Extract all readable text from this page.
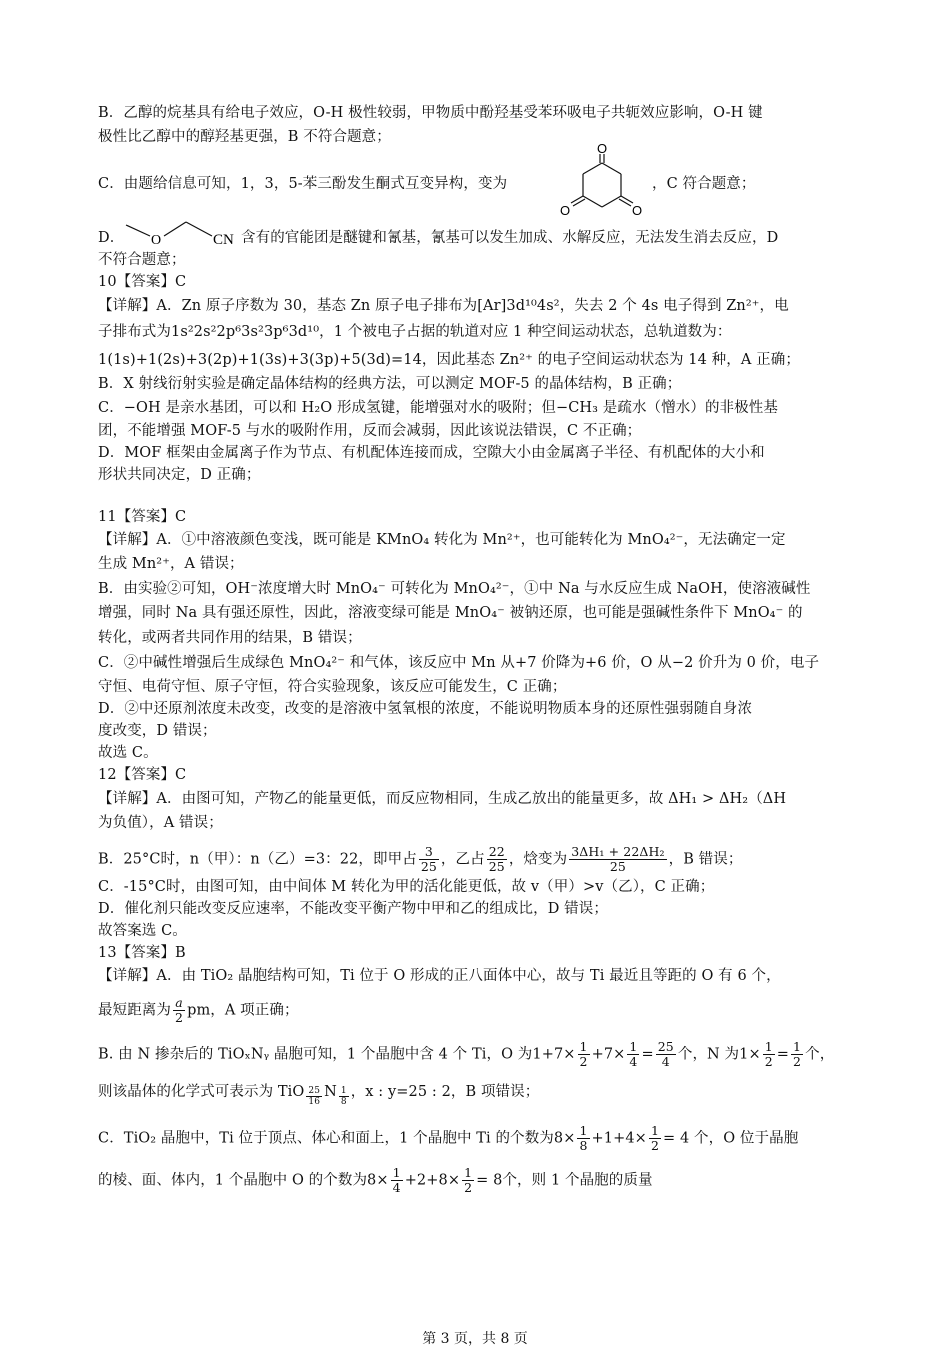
B．乙醇的烷基具有给电子效应，O-H 极性较弱，甲物质中酚羟基受苯环吸电子共轭效应影响，O-H 键
极性比乙醇中的醇羟基更强，B 不符合题意；
C．由题给信息可知，1，3，5-苯三酚发生酮式互变异构，变为	，C 符合题意；
O
O	O
D．	O	CN 含有的官能团是醚键和氰基，氰基可以发生加成、水解反应，无法发生消去反应，D
不符合题意；
10【答案】C
【详解】A．Zn 原子序数为 30，基态 Zn 原子电子排布为[Ar]3d¹⁰4s²，失去 2 个 4s 电子得到 Zn²⁺，电
子排布式为1s²2s²2p⁶3s²3p⁶3d¹⁰，1 个被电子占据的轨道对应 1 种空间运动状态，总轨道数为：
1(1s)+1(2s)+3(2p)+1(3s)+3(3p)+5(3d)=14，因此基态 Zn²⁺ 的电子空间运动状态为 14 种，A 正确；
B．X 射线衍射实验是确定晶体结构的经典方法，可以测定 MOF-5 的晶体结构，B 正确；
C．−OH 是亲水基团，可以和 H₂O 形成氢键，能增强对水的吸附；但−CH₃ 是疏水（憎水）的非极性基
团，不能增强 MOF-5 与水的吸附作用，反而会减弱，因此该说法错误，C 不正确；
D．MOF 框架由金属离子作为节点、有机配体连接而成，空隙大小由金属离子半径、有机配体的大小和
形状共同决定，D 正确；
11【答案】C
【详解】A．①中溶液颜色变浅，既可能是 KMnO₄ 转化为 Mn²⁺，也可能转化为 MnO₄²⁻，无法确定一定
生成 Mn²⁺，A 错误；
B．由实验②可知，OH⁻浓度增大时 MnO₄⁻ 可转化为 MnO₄²⁻，①中 Na 与水反应生成 NaOH，使溶液碱性
增强，同时 Na 具有强还原性，因此，溶液变绿可能是 MnO₄⁻ 被钠还原，也可能是强碱性条件下 MnO₄⁻ 的
转化，或两者共同作用的结果，B 错误；
C．②中碱性增强后生成绿色 MnO₄²⁻ 和气体，该反应中 Mn 从+7 价降为+6 价，O 从−2 价升为 0 价，电子
守恒、电荷守恒、原子守恒，符合实验现象，该反应可能发生，C 正确；
D．②中还原剂浓度未改变，改变的是溶液中氢氧根的浓度，不能说明物质本身的还原性强弱随自身浓
度改变，D 错误；
故选 C。
12【答案】C
【详解】A．由图可知，产物乙的能量更低，而反应物相同，生成乙放出的能量更多，故 ΔH₁ > ΔH₂（ΔH
为负值），A 错误；
B．25°C时，n（甲）：n（乙）=3：22，即甲占 $\frac{3}{25}$ ，乙占 $\frac{22}{25}$ ，焓变为 $\frac{\text{3ΔH₁ + 22ΔH₂}}{25}$ ，B 错误；
C．-15°C时，由图可知，由中间体 M 转化为甲的活化能更低，故 v（甲）>v（乙），C 正确；
D．催化剂只能改变反应速率，不能改变平衡产物中甲和乙的组成比，D 错误；
故答案选 C。
13【答案】B
【详解】A．由 TiO₂ 晶胞结构可知，Ti 位于 O 形成的正八面体中心，故与 Ti 最近且等距的 O 有 6 个，
最短距离为 $\frac{a}{2}$ pm，A 项正确；
B. 由 N 掺杂后的 TiOₓNᵧ 晶胞可知，1 个晶胞中含 4 个 Ti，O 为$1+7\times \frac{1}{2} +7\times \frac{1}{4} = \frac{25}{4}$ 个，N 为$1\times \frac{1}{2} = \frac{1}{2}$ 个，
则该晶体的化学式可表示为 TiO $\frac{25}{16}$ N $\frac{1}{8}$ ，x : y=25 : 2，B 项错误；
C．TiO₂ 晶胞中，Ti 位于顶点、体心和面上，1 个晶胞中 Ti 的个数为$8\times \frac{1}{8} +1+4\times \frac{1}{2} = 4$ 个，O 位于晶胞
的棱、面、体内，1 个晶胞中 O 的个数为$8\times \frac{1}{4} +2+8\times \frac{1}{2} = 8$个，则 1 个晶胞的质量
第 3 页，共 8 页
